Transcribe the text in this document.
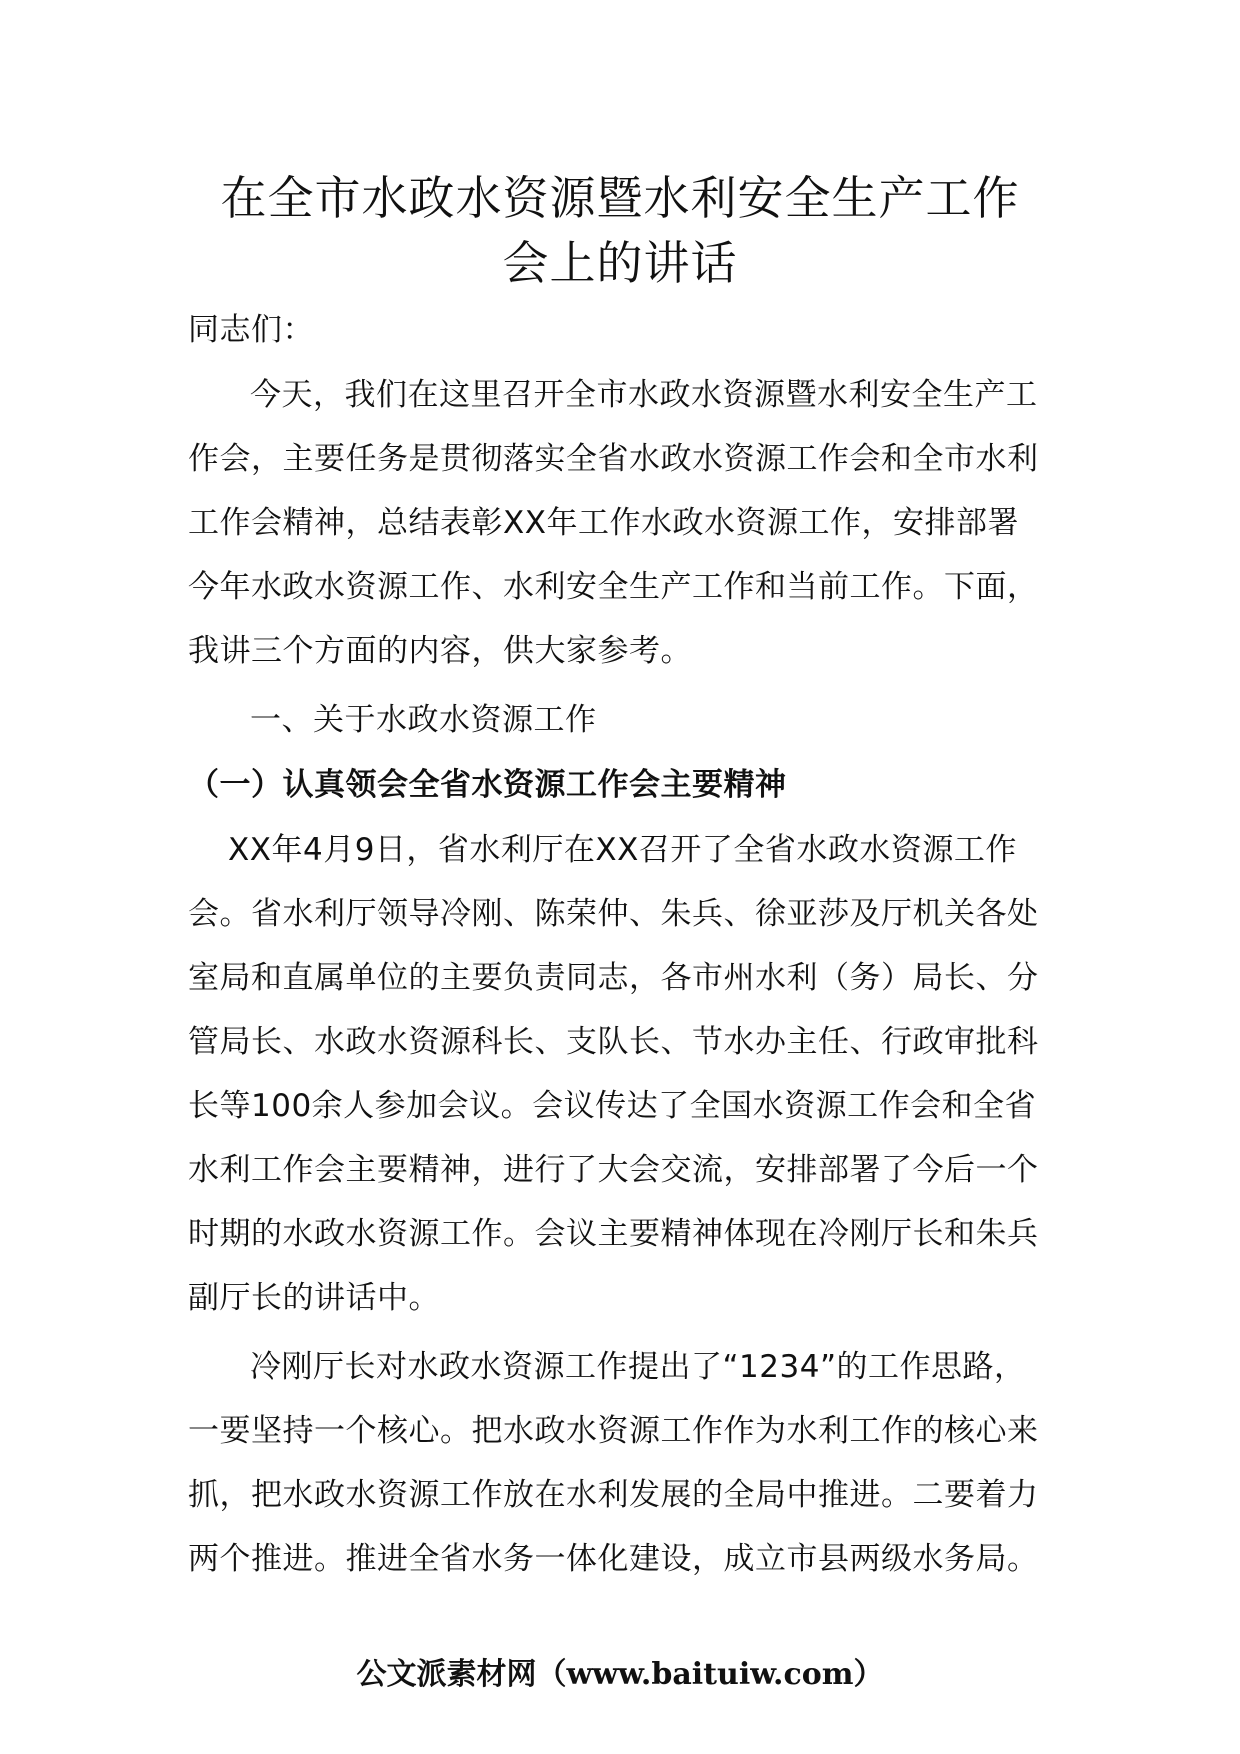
在全市水政水资源暨水利安全生产工作
会上的讲话

同志们：

今天，我们在这里召开全市水政水资源暨水利安全生产工
作会，主要任务是贯彻落实全省水政水资源工作会和全市水利
工作会精神，总结表彰XX年工作水政水资源工作，安排部署
今年水政水资源工作、水利安全生产工作和当前工作。下面，
我讲三个方面的内容，供大家参考。

一、关于水政水资源工作

（一）认真领会全省水资源工作会主要精神

XX年4月9日，省水利厅在XX召开了全省水政水资源工作
会。省水利厅领导冷刚、陈荣仲、朱兵、徐亚莎及厅机关各处
室局和直属单位的主要负责同志，各市州水利（务）局长、分
管局长、水政水资源科长、支队长、节水办主任、行政审批科
长等100余人参加会议。会议传达了全国水资源工作会和全省
水利工作会主要精神，进行了大会交流，安排部署了今后一个
时期的水政水资源工作。会议主要精神体现在冷刚厅长和朱兵
副厅长的讲话中。
冷刚厅长对水政水资源工作提出了“1234”的工作思路，
一要坚持一个核心。把水政水资源工作作为水利工作的核心来
抓，把水政水资源工作放在水利发展的全局中推进。二要着力
两个推进。推进全省水务一体化建设，成立市县两级水务局。

公文派素材网（www.baituiw.com）
